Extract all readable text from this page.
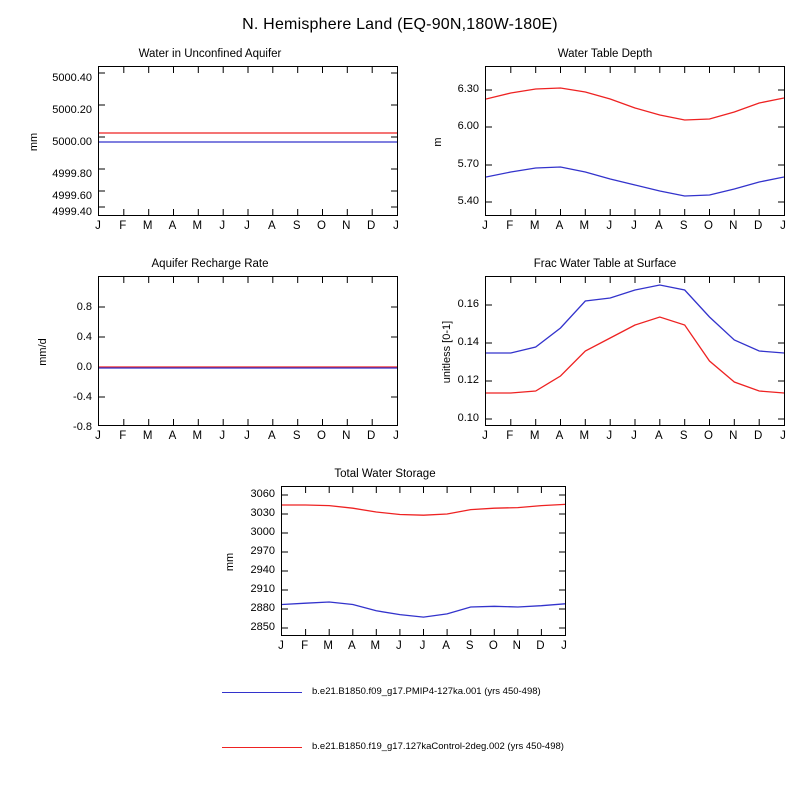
N. Hemisphere Land (EQ-90N,180W-180E)
Water in Unconfined Aquifer
mm
5000.40
5000.20
5000.00
4999.80
4999.60
4999.40
J	F	M	A	M	J	J	A	S	O	N	D	J
Water Table Depth
m
6.30
6.00
5.70
5.40
J	F	M	A	M	J	J	A	S	O	N	D	J
Aquifer Recharge Rate
mm/d
0.8
0.4
0.0
-0.4
-0.8
J	F	M	A	M	J	J	A	S	O	N	D	J
Frac Water Table at Surface
unitless [0-1]
0.16
0.14
0.12
0.10
J	F	M	A	M	J	J	A	S	O	N	D	J
Total Water Storage
mm
3060
3030
3000
2970
2940
2910
2880
2850
J	F	M	A	M	J	J	A	S	O	N	D	J
b.e21.B1850.f09_g17.PMIP4-127ka.001 (yrs 450-498)
b.e21.B1850.f19_g17.127kaControl-2deg.002 (yrs 450-498)
